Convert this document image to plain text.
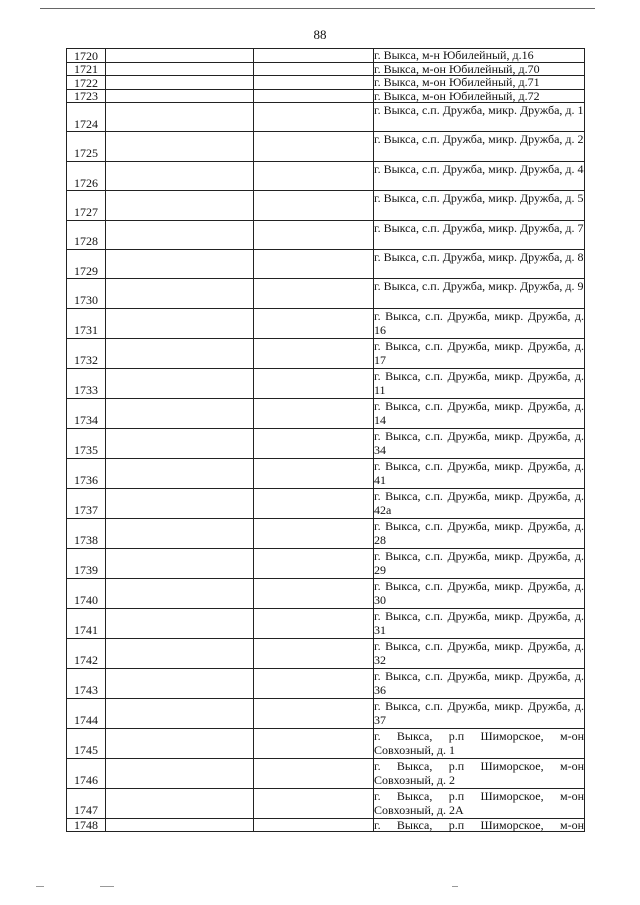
88
1720			г. Выкса, м-н Юбилейный, д.16
1721			г. Выкса, м-он Юбилейный, д.70
1722			г. Выкса, м-он Юбилейный, д.71
1723			г. Выкса, м-он Юбилейный, д.72
1724			г. Выкса, с.п. Дружба, микр. Дружба, д. 1
1725			г. Выкса, с.п. Дружба, микр. Дружба, д. 2
1726			г. Выкса, с.п. Дружба, микр. Дружба, д. 4
1727			г. Выкса, с.п. Дружба, микр. Дружба, д. 5
1728			г. Выкса, с.п. Дружба, микр. Дружба, д. 7
1729			г. Выкса, с.п. Дружба, микр. Дружба, д. 8
1730			г. Выкса, с.п. Дружба, микр. Дружба, д. 9
1731			г. Выкса, с.п. Дружба, микр. Дружба, д. 16
1732			г. Выкса, с.п. Дружба, микр. Дружба, д. 17
1733			г. Выкса, с.п. Дружба, микр. Дружба, д. 11
1734			г. Выкса, с.п. Дружба, микр. Дружба, д. 14
1735			г. Выкса, с.п. Дружба, микр. Дружба, д. 34
1736			г. Выкса, с.п. Дружба, микр. Дружба, д. 41
1737			г. Выкса, с.п. Дружба, микр. Дружба, д. 42а
1738			г. Выкса, с.п. Дружба, микр. Дружба, д. 28
1739			г. Выкса, с.п. Дружба, микр. Дружба, д. 29
1740			г. Выкса, с.п. Дружба, микр. Дружба, д. 30
1741			г. Выкса, с.п. Дружба, микр. Дружба, д. 31
1742			г. Выкса, с.п. Дружба, микр. Дружба, д. 32
1743			г. Выкса, с.п. Дружба, микр. Дружба, д. 36
1744			г. Выкса, с.п. Дружба, микр. Дружба, д. 37
1745			г. Выкса, р.п Шиморское, м-он Совхозный, д. 1
1746			г. Выкса, р.п Шиморское, м-он Совхозный, д. 2
1747			г. Выкса, р.п Шиморское, м-он Совхозный, д. 2А
1748			г. Выкса, р.п Шиморское, м-он
